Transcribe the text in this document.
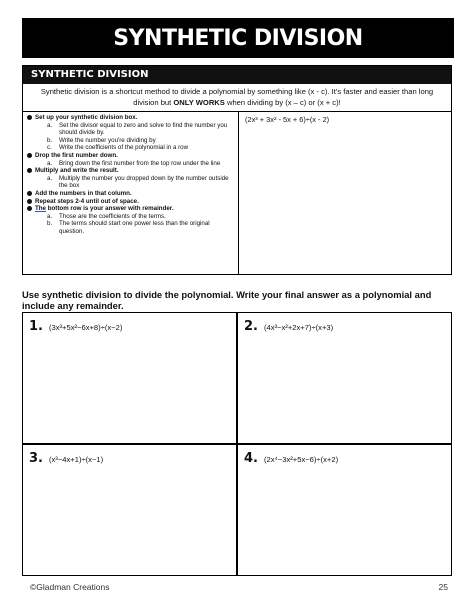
SYNTHETIC DIVISION
SYNTHETIC DIVISION
Synthetic division is a shortcut method to divide a polynomial by something like (x - c). It's faster and easier than long division but ONLY WORKS when dividing by (x – c) or (x + c)!
Set up your synthetic division box.
a. Set the divisor equal to zero and solve to find the number you should divide by.
b. Write the number you're dividing by
c. Write the coefficients of the polynomial in a row
Drop the first number down.
a. Bring down the first number from the top row under the line
Multiply and write the result.
a. Multiply the number you dropped down by the number outside the box
Add the numbers in that column.
Repeat steps 2-4 until out of space.
The bottom row is your answer with remainder.
a. Those are the coefficients of the terms.
b. The terms should start one power less than the original question.
(2x³ + 3x² - 5x + 6)÷(x - 2)
Use synthetic division to divide the polynomial. Write your final answer as a polynomial and include any remainder.
1. (3x³+5x²−6x+8)÷(x−2)	2. (4x³−x²+2x+7)÷(x+3)
3. (x³−4x+1)÷(x−1)	4. (2x⁴−3x²+5x−6)÷(x+2)
©Gladman Creations	25
